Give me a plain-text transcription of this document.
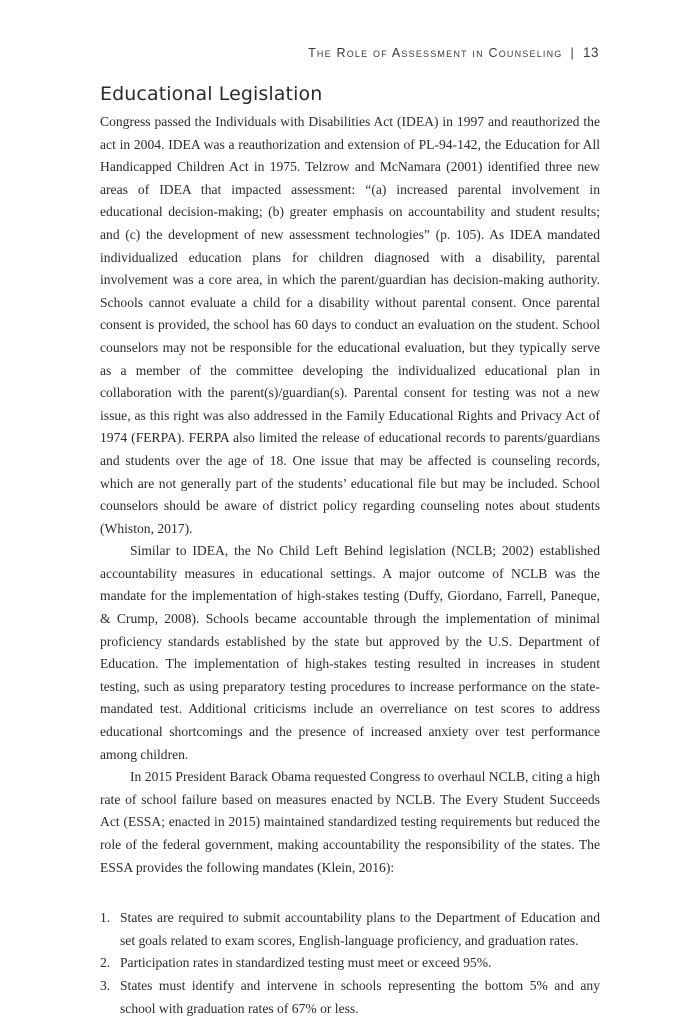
The Role of Assessment in Counseling | 13
Educational Legislation

Congress passed the Individuals with Disabilities Act (IDEA) in 1997 and reauthorized the act in 2004. IDEA was a reauthorization and extension of PL-94-142, the Education for All Handicapped Children Act in 1975. Telzrow and McNamara (2001) identified three new areas of IDEA that impacted assessment: “(a) increased parental involvement in educational decision-making; (b) greater emphasis on accountability and student results; and (c) the development of new assessment technologies” (p. 105). As IDEA mandated individualized education plans for children diagnosed with a disability, parental involvement was a core area, in which the parent/guardian has decision-making authority. Schools cannot evaluate a child for a disability without parental consent. Once parental consent is provided, the school has 60 days to conduct an evaluation on the student. School counselors may not be responsible for the educational evaluation, but they typically serve as a member of the committee developing the individualized educational plan in collaboration with the parent(s)/guardian(s). Parental consent for testing was not a new issue, as this right was also addressed in the Family Educational Rights and Privacy Act of 1974 (FERPA). FERPA also limited the release of educational records to parents/guardians and students over the age of 18. One issue that may be affected is counseling records, which are not generally part of the students’ educational file but may be included. School counselors should be aware of district policy regarding counseling notes about students (Whiston, 2017).

Similar to IDEA, the No Child Left Behind legislation (NCLB; 2002) established accountability measures in educational settings. A major outcome of NCLB was the mandate for the implementation of high-stakes testing (Duffy, Giordano, Farrell, Paneque, & Crump, 2008). Schools became accountable through the implementation of minimal proficiency standards established by the state but approved by the U.S. Department of Education. The implementation of high-stakes testing resulted in increases in student testing, such as using preparatory testing procedures to increase performance on the state-mandated test. Additional criticisms include an overreliance on test scores to address educational shortcomings and the presence of increased anxiety over test performance among children.

In 2015 President Barack Obama requested Congress to overhaul NCLB, citing a high rate of school failure based on measures enacted by NCLB. The Every Student Succeeds Act (ESSA; enacted in 2015) maintained standardized testing requirements but reduced the role of the federal government, making accountability the responsibility of the states. The ESSA provides the following mandates (Klein, 2016):

1. States are required to submit accountability plans to the Department of Education and set goals related to exam scores, English-language proficiency, and graduation rates.
2. Participation rates in standardized testing must meet or exceed 95%.
3. States must identify and intervene in schools representing the bottom 5% and any school with graduation rates of 67% or less.
